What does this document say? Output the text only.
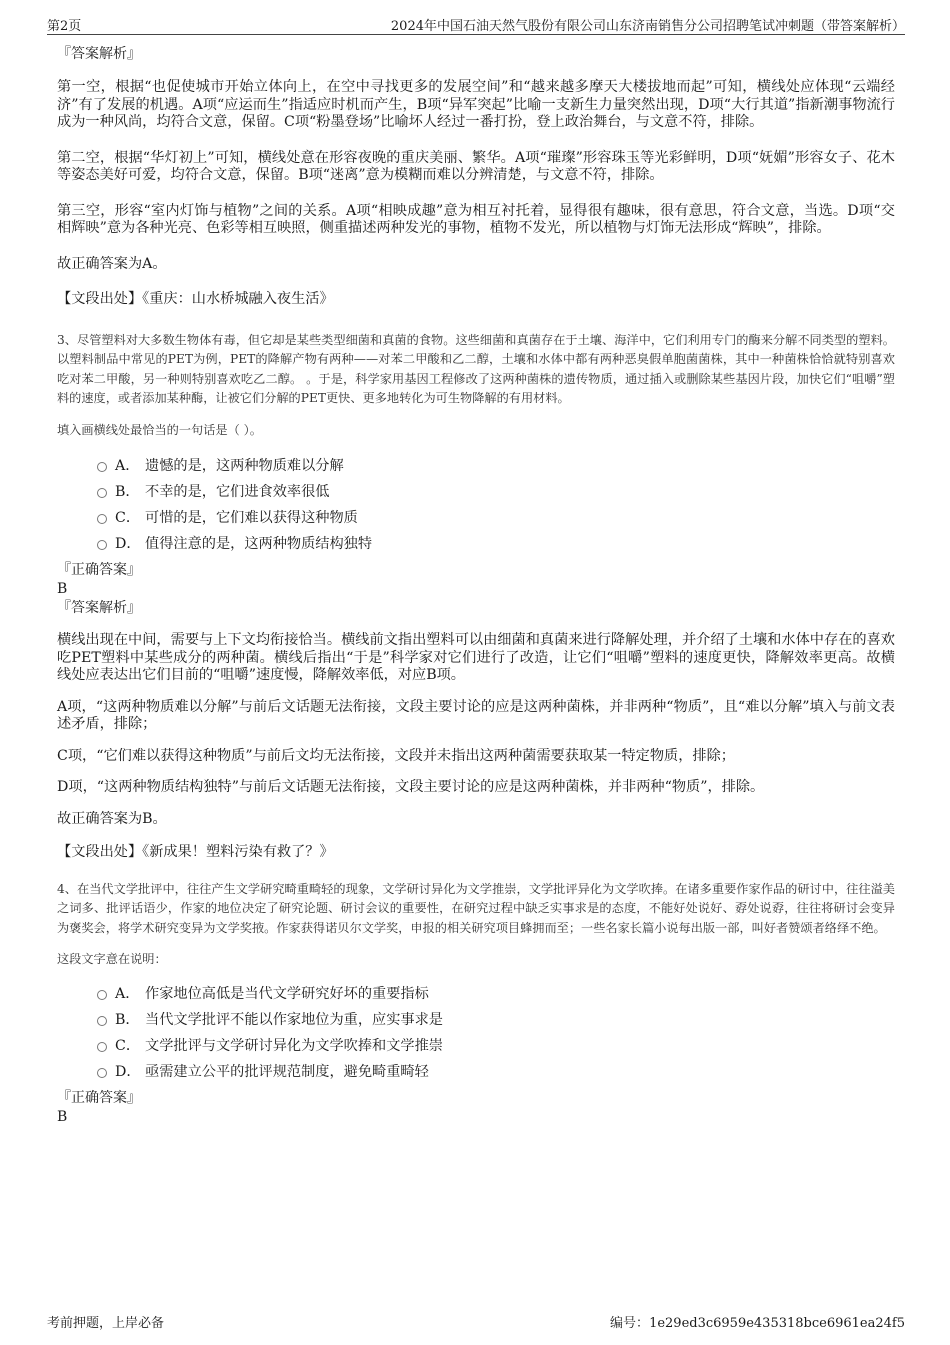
第2页	2024年中国石油天然气股份有限公司山东济南销售分公司招聘笔试冲刺题（带答案解析）

『答案解析』

第一空，根据“也促使城市开始立体向上，在空中寻找更多的发展空间”和“越来越多摩天大楼拔地而起”可知，横线处应体现“云端经济”有了发展的机遇。A项“应运而生”指适应时机而产生，B项“异军突起”比喻一支新生力量突然出现，D项“大行其道”指新潮事物流行成为一种风尚，均符合文意，保留。C项“粉墨登场”比喻坏人经过一番打扮，登上政治舞台，与文意不符，排除。

第二空，根据“华灯初上”可知，横线处意在形容夜晚的重庆美丽、繁华。A项“璀璨”形容珠玉等光彩鲜明，D项“妩媚”形容女子、花木等姿态美好可爱，均符合文意，保留。B项“迷离”意为模糊而难以分辨清楚，与文意不符，排除。

第三空，形容“室内灯饰与植物”之间的关系。A项“相映成趣”意为相互衬托着，显得很有趣味，很有意思，符合文意，当选。D项“交相辉映”意为各种光亮、色彩等相互映照，侧重描述两种发光的事物，植物不发光，所以植物与灯饰无法形成“辉映”，排除。

故正确答案为A。

【文段出处】《重庆：山水桥城融入夜生活》

3、尽管塑料对大多数生物体有毒，但它却是某些类型细菌和真菌的食物。这些细菌和真菌存在于土壤、海洋中，它们利用专门的酶来分解不同类型的塑料。以塑料制品中常见的PET为例，PET的降解产物有两种——对苯二甲酸和乙二醇，土壤和水体中都有两种恶臭假单胞菌菌株，其中一种菌株恰恰就特别喜欢吃对苯二甲酸，另一种则特别喜欢吃乙二醇。 。于是，科学家用基因工程修改了这两种菌株的遗传物质，通过插入或删除某些基因片段，加快它们“咀嚼”塑料的速度，或者添加某种酶，让被它们分解的PET更快、更多地转化为可生物降解的有用材料。

填入画横线处最恰当的一句话是（ ）。

A． 遗憾的是，这两种物质难以分解
B． 不幸的是，它们进食效率很低
C． 可惜的是，它们难以获得这种物质
D． 值得注意的是，这两种物质结构独特

『正确答案』

B

『答案解析』

横线出现在中间，需要与上下文均衔接恰当。横线前文指出塑料可以由细菌和真菌来进行降解处理，并介绍了土壤和水体中存在的喜欢吃PET塑料中某些成分的两种菌。横线后指出“于是”科学家对它们进行了改造，让它们“咀嚼”塑料的速度更快，降解效率更高。故横线处应表达出它们目前的“咀嚼”速度慢，降解效率低，对应B项。

A项，“这两种物质难以分解”与前后文话题无法衔接，文段主要讨论的应是这两种菌株，并非两种“物质”，且“难以分解”填入与前文表述矛盾，排除；

C项，“它们难以获得这种物质”与前后文均无法衔接，文段并未指出这两种菌需要获取某一特定物质，排除；

D项，“这两种物质结构独特”与前后文话题无法衔接，文段主要讨论的应是这两种菌株，并非两种“物质”，排除。

故正确答案为B。

【文段出处】《新成果！塑料污染有救了？》

4、在当代文学批评中，往往产生文学研究畸重畸轻的现象，文学研讨异化为文学推崇，文学批评异化为文学吹捧。在诸多重要作家作品的研讨中，往往溢美之词多、批评话语少，作家的地位决定了研究论题、研讨会议的重要性，在研究过程中缺乏实事求是的态度，不能好处说好、孬处说孬，往往将研讨会变异为褒奖会，将学术研究变异为文学奖掖。作家获得诺贝尔文学奖，申报的相关研究项目蜂拥而至；一些名家长篇小说每出版一部，叫好者赞颂者络绎不绝。

这段文字意在说明：

A． 作家地位高低是当代文学研究好坏的重要指标
B． 当代文学批评不能以作家地位为重，应实事求是
C． 文学批评与文学研讨异化为文学吹捧和文学推崇
D． 亟需建立公平的批评规范制度，避免畸重畸轻

『正确答案』

B

考前押题，上岸必备	编号：1e29ed3c6959e435318bce6961ea24f5
